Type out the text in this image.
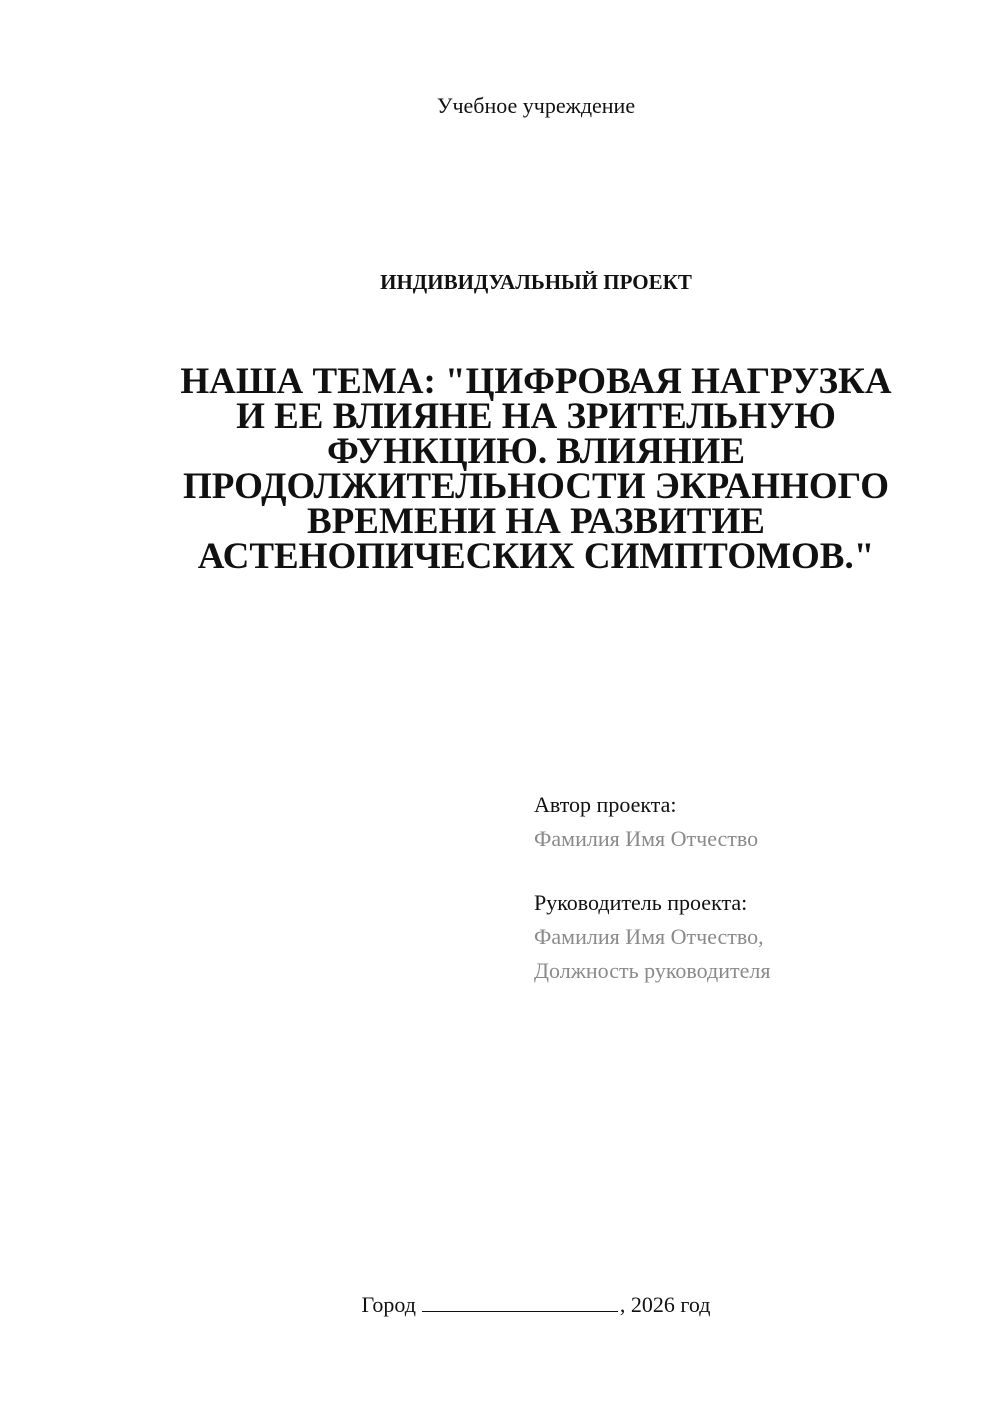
Учебное учреждение
ИНДИВИДУАЛЬНЫЙ ПРОЕКТ
НАША ТЕМА: "ЦИФРОВАЯ НАГРУЗКА
И ЕЕ ВЛИЯНЕ НА ЗРИТЕЛЬНУЮ
ФУНКЦИЮ. ВЛИЯНИЕ
ПРОДОЛЖИТЕЛЬНОСТИ ЭКРАННОГО
ВРЕМЕНИ НА РАЗВИТИЕ
АСТЕНОПИЧЕСКИХ СИМПТОМОВ."
Автор проекта:
Фамилия Имя Отчество
Руководитель проекта:
Фамилия Имя Отчество,
Должность руководителя
Город	, 2026 год
